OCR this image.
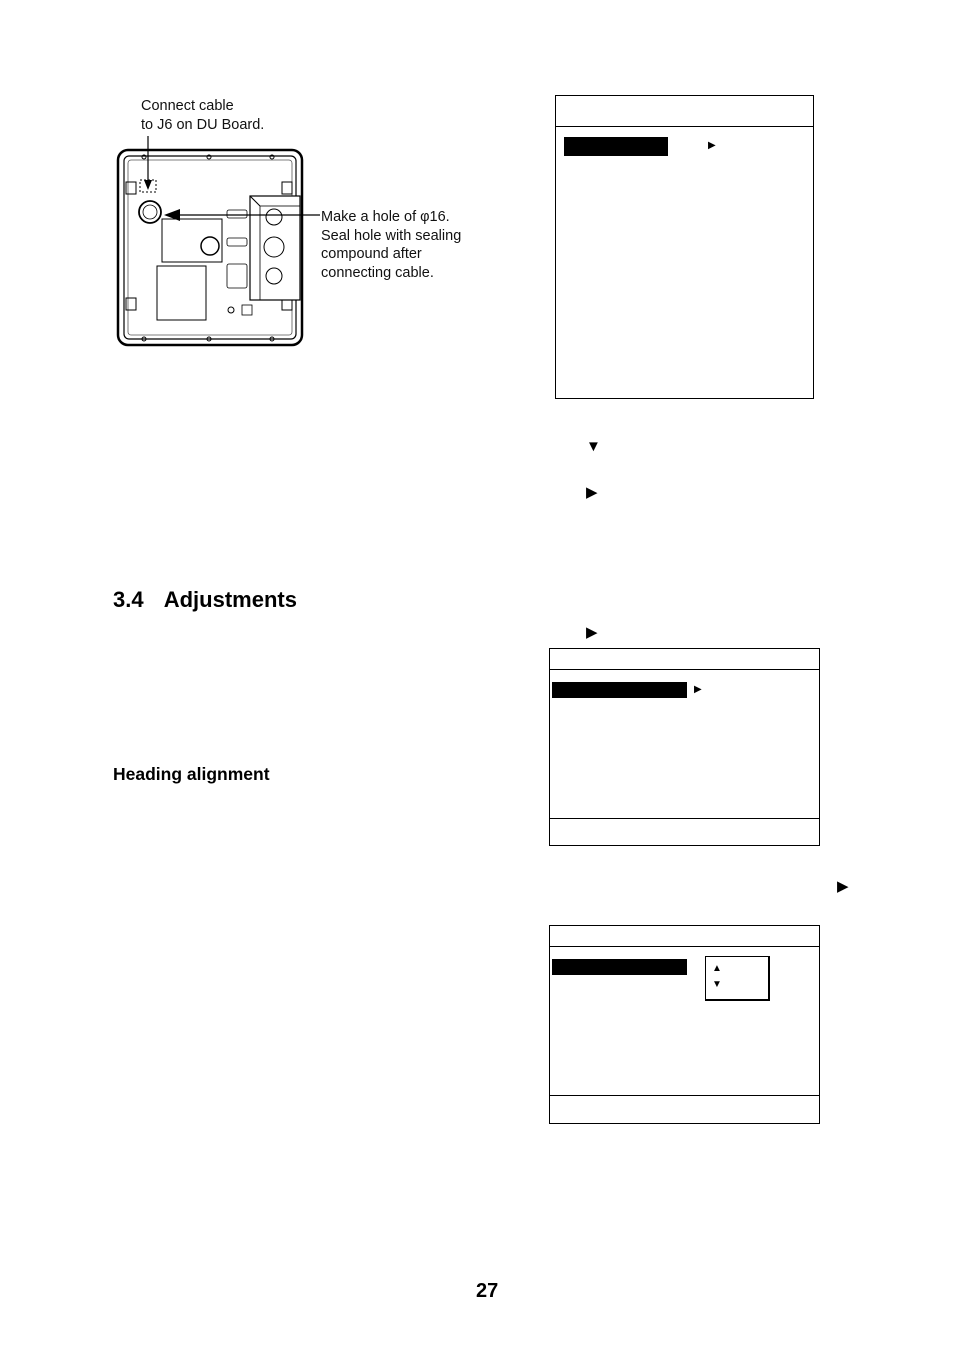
Connect cable
to J6 on DU Board.
Make a hole of φ16.
Seal hole with sealing
compound after
connecting cable.
▶
▼
▶
3.4 Adjustments
▶
▶
Heading alignment
▶
▲
▼
27
